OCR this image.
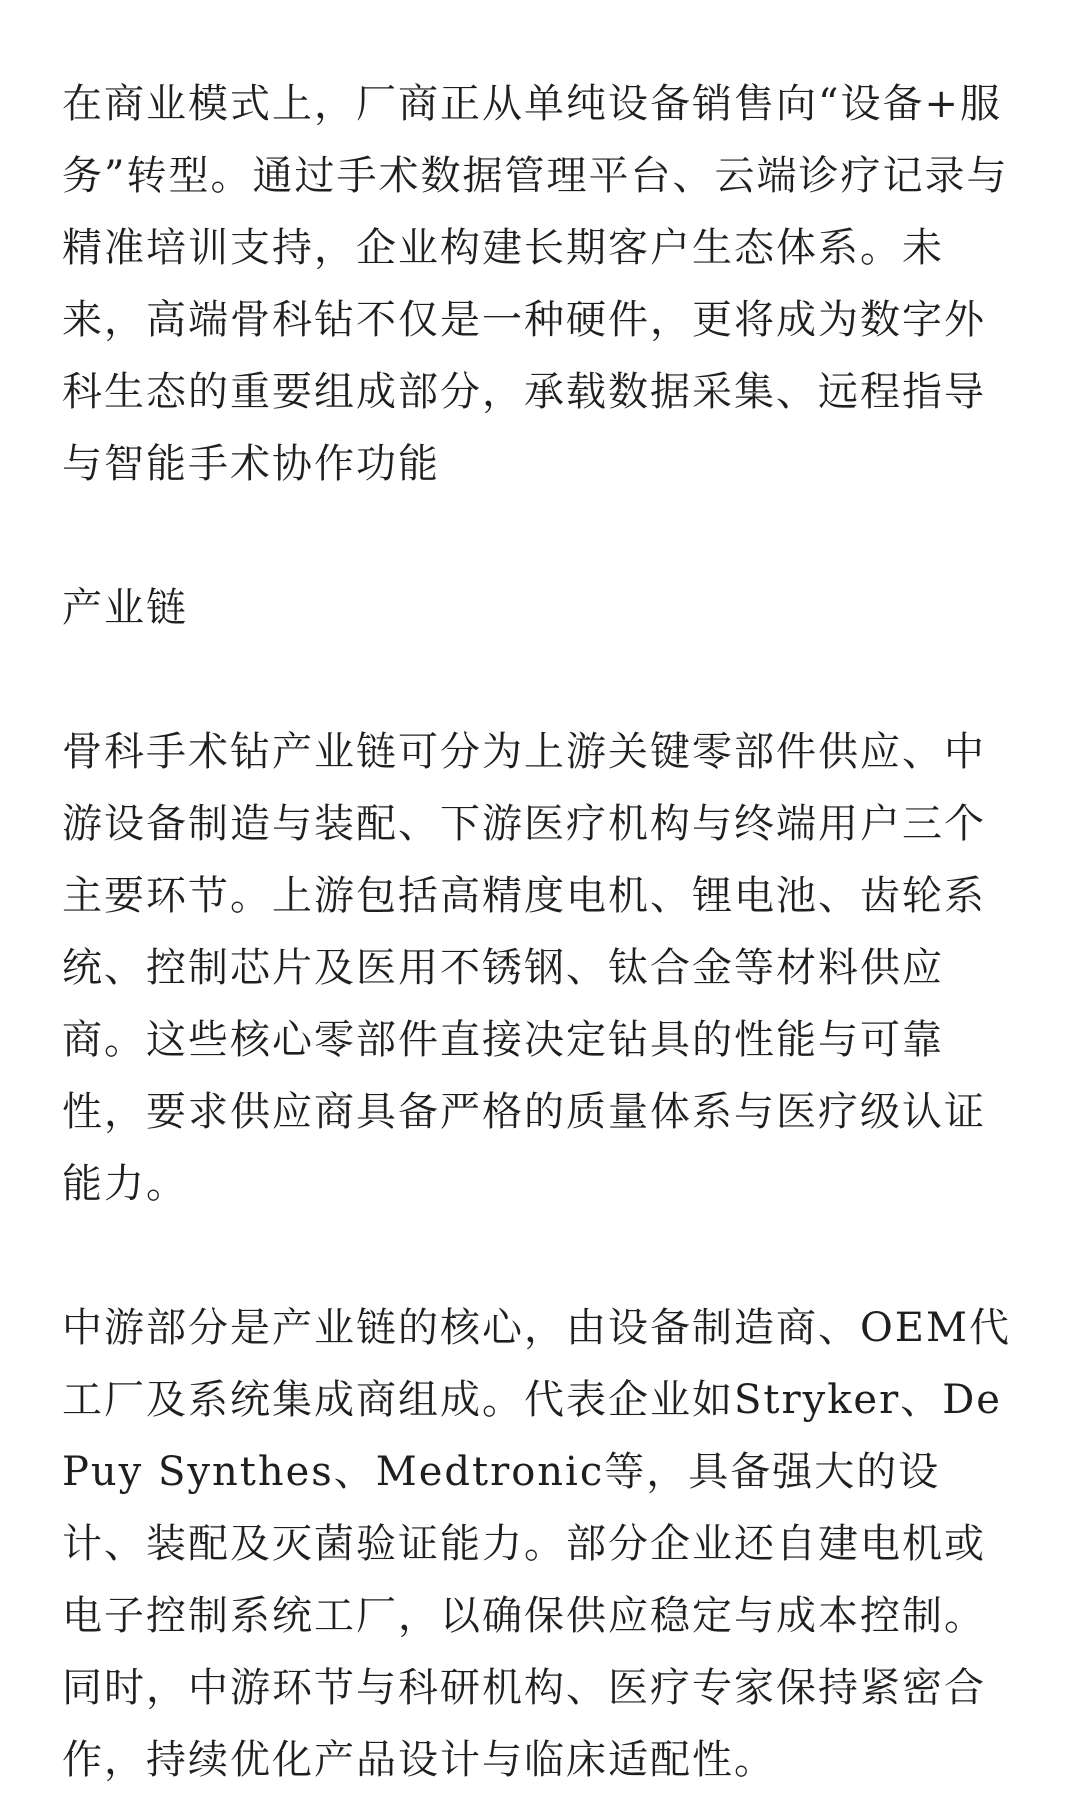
在商业模式上，厂商正从单纯设备销售向“设备+服务”转型。通过手术数据管理平台、云端诊疗记录与精准培训支持，企业构建长期客户生态体系。未来，高端骨科钻不仅是一种硬件，更将成为数字外科生态的重要组成部分，承载数据采集、远程指导与智能手术协作功能

产业链

骨科手术钻产业链可分为上游关键零部件供应、中游设备制造与装配、下游医疗机构与终端用户三个主要环节。上游包括高精度电机、锂电池、齿轮系统、控制芯片及医用不锈钢、钛合金等材料供应商。这些核心零部件直接决定钻具的性能与可靠性，要求供应商具备严格的质量体系与医疗级认证能力。

中游部分是产业链的核心，由设备制造商、OEM代工厂及系统集成商组成。代表企业如Stryker、DePuy Synthes、Medtronic等，具备强大的设计、装配及灭菌验证能力。部分企业还自建电机或电子控制系统工厂，以确保供应稳定与成本控制。同时，中游环节与科研机构、医疗专家保持紧密合作，持续优化产品设计与临床适配性。
